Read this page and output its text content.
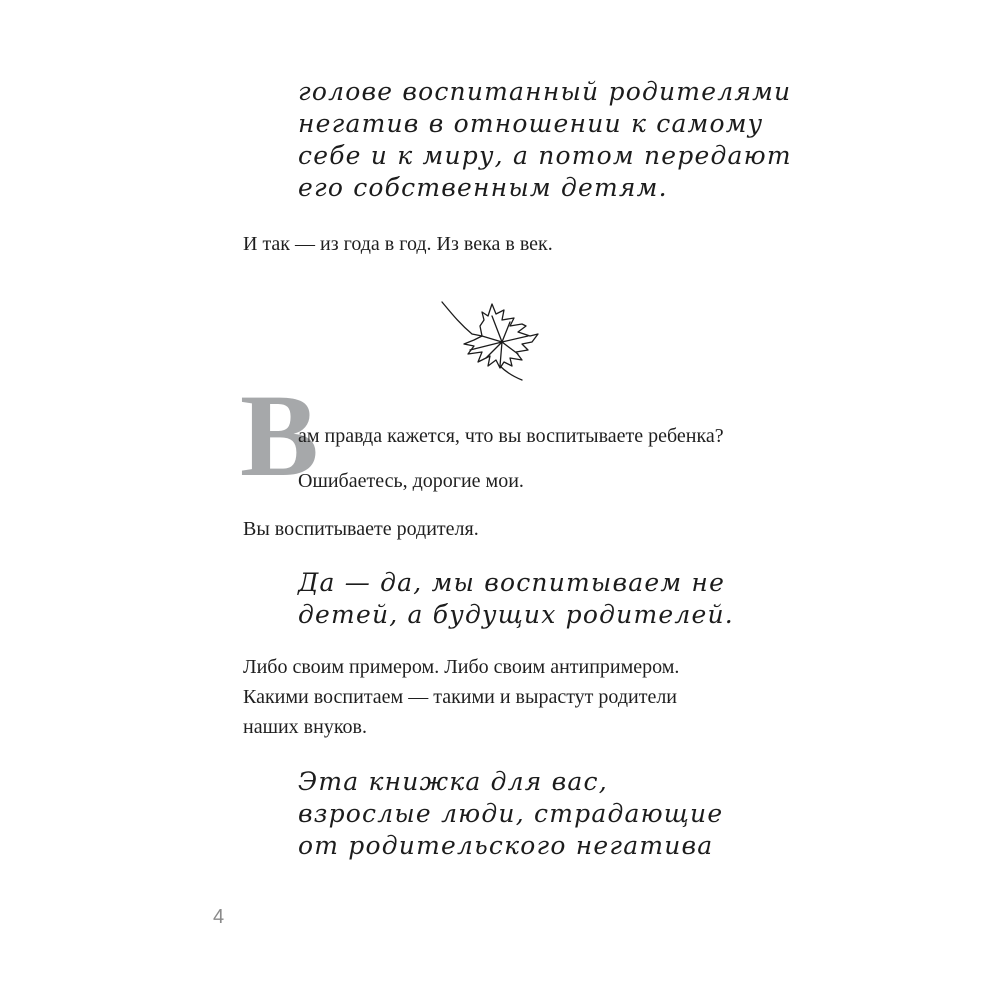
голове воспитанный родителями
негатив в отношении к самому
себе и к миру, а потом передают
его собственным детям.
И так — из года в год. Из века в век.
В
ам правда кажется, что вы воспитываете ребенка?
Ошибаетесь, дорогие мои.
Вы воспитываете родителя.
Да — да, мы воспитываем не
детей, а будущих родителей.
Либо своим примером. Либо своим антипримером.
Какими воспитаем — такими и вырастут родители
наших внуков.
Эта книжка для вас,
взрослые люди, страдающие
от родительского негатива
4
